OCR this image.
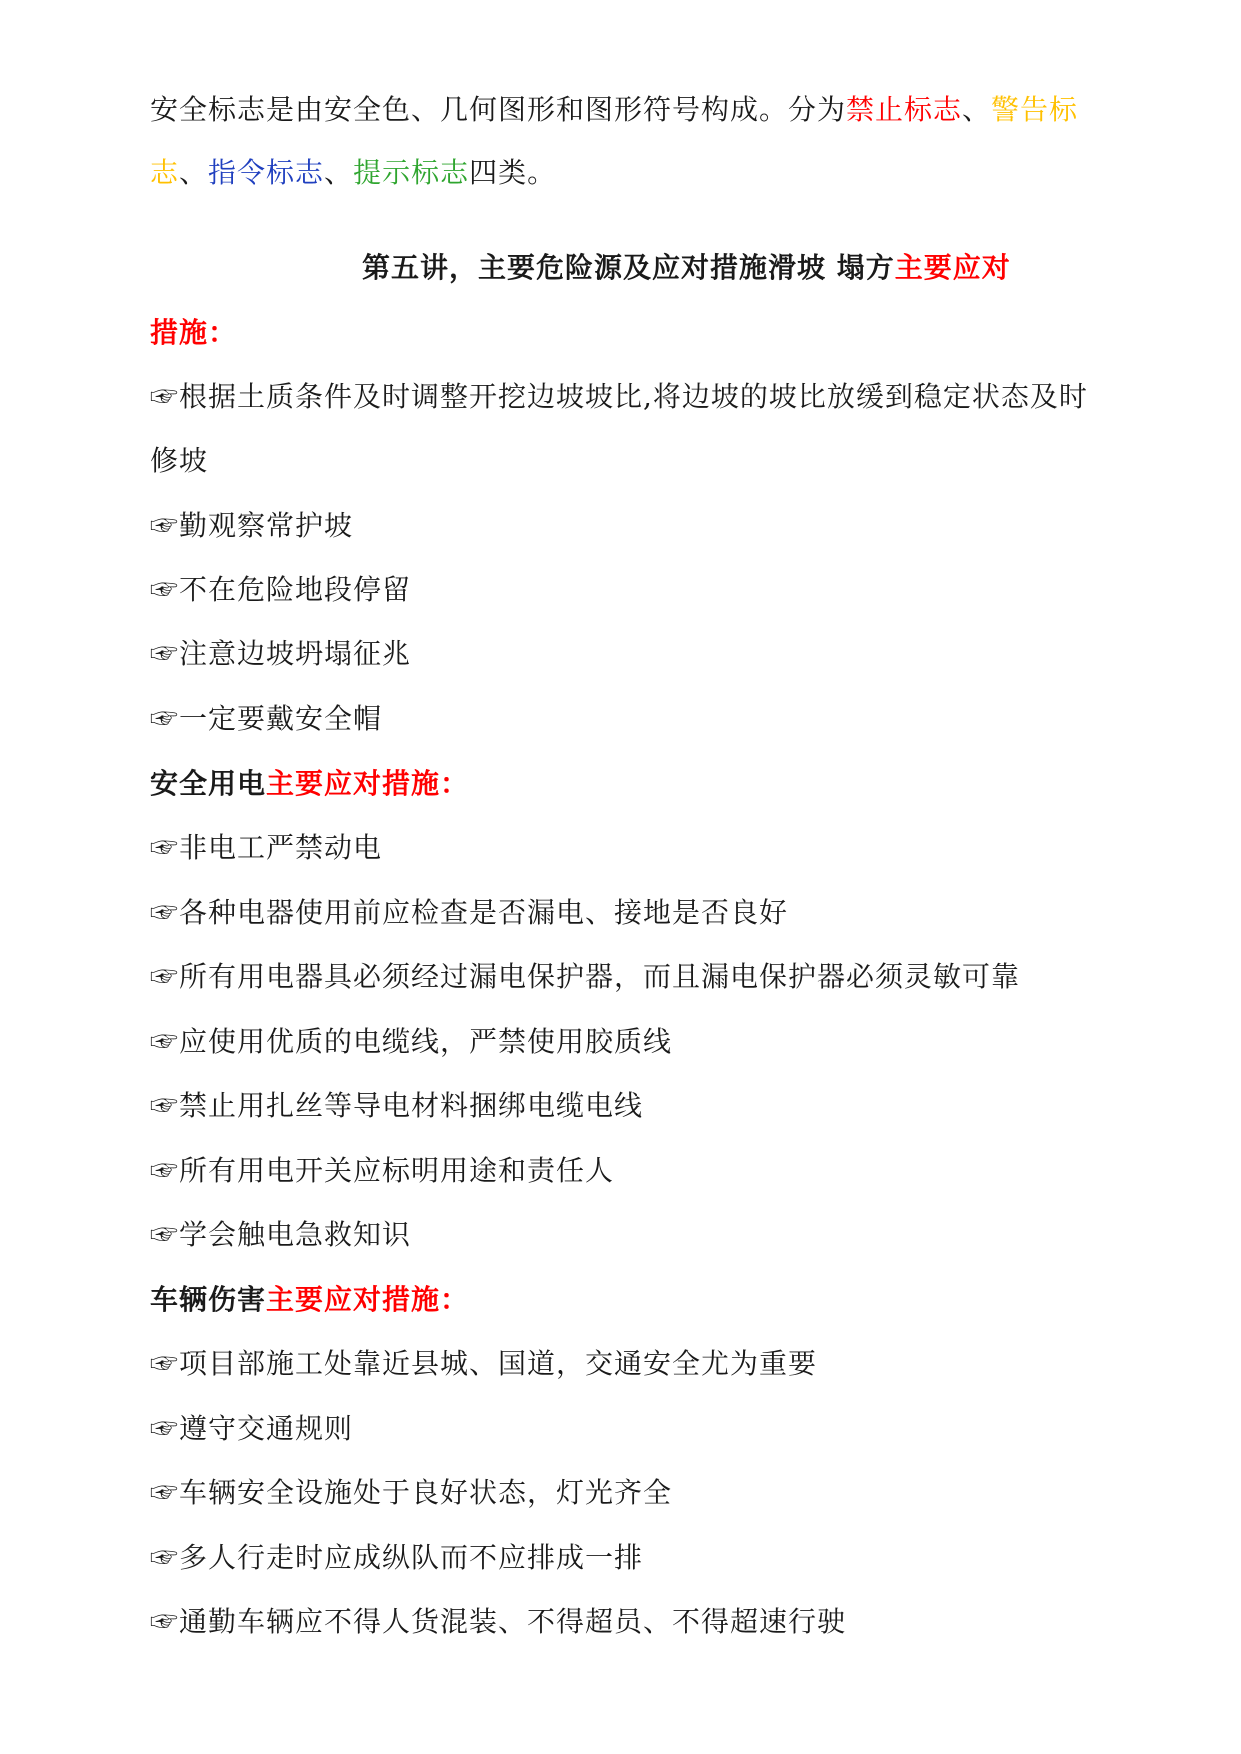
安全标志是由安全色、几何图形和图形符号构成。分为禁止标志、警告标
志、指令标志、提示标志四类。
第五讲，主要危险源及应对措施滑坡 塌方主要应对
措施：
☞根据土质条件及时调整开挖边坡坡比,将边坡的坡比放缓到稳定状态及时
修坡
☞勤观察常护坡
☞不在危险地段停留
☞注意边坡坍塌征兆
☞一定要戴安全帽
安全用电主要应对措施：
☞非电工严禁动电
☞各种电器使用前应检查是否漏电、接地是否良好
☞所有用电器具必须经过漏电保护器，而且漏电保护器必须灵敏可靠
☞应使用优质的电缆线，严禁使用胶质线
☞禁止用扎丝等导电材料捆绑电缆电线
☞所有用电开关应标明用途和责任人
☞学会触电急救知识
车辆伤害主要应对措施：
☞项目部施工处靠近县城、国道，交通安全尤为重要
☞遵守交通规则
☞车辆安全设施处于良好状态，灯光齐全
☞多人行走时应成纵队而不应排成一排
☞通勤车辆应不得人货混装、不得超员、不得超速行驶
